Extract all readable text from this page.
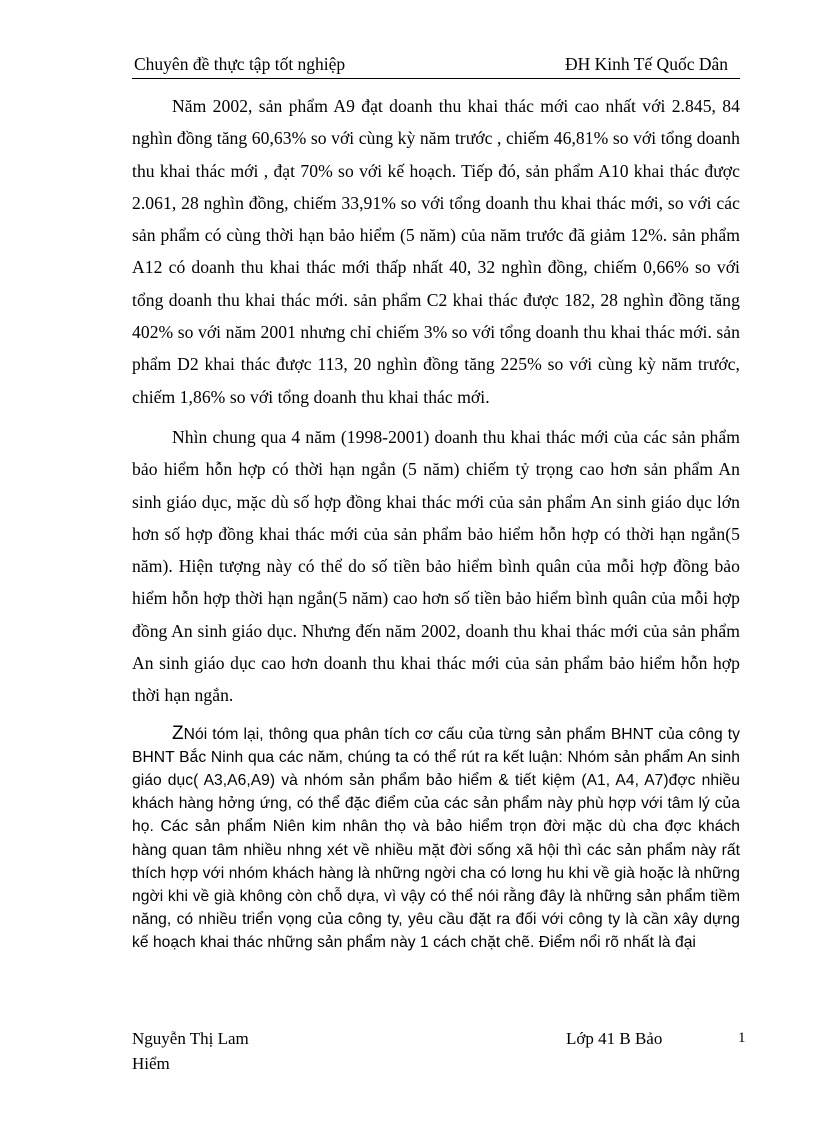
Chuyên đề thực tập tốt nghiệp	ĐH Kinh Tế Quốc Dân

Năm 2002, sản phẩm A9 đạt doanh thu khai thác mới cao nhất với 2.845, 84 nghìn đồng tăng 60,63% so với cùng kỳ năm trước , chiếm 46,81% so với tổng doanh thu khai thác mới , đạt 70% so với kế hoạch. Tiếp đó, sản phẩm A10 khai thác được 2.061, 28 nghìn đồng, chiếm 33,91% so với tổng doanh thu khai thác mới, so với các sản phẩm có cùng thời hạn bảo hiểm (5 năm) của năm trước đã giảm 12%. sản phẩm A12 có doanh thu khai thác mới thấp nhất 40, 32 nghìn đồng, chiếm 0,66% so với tổng doanh thu khai thác mới. sản phẩm C2 khai thác được 182, 28 nghìn đồng tăng 402% so với năm 2001 nhưng chỉ chiếm 3% so với tổng doanh thu khai thác mới. sản phẩm D2 khai thác được 113, 20 nghìn đồng tăng 225% so với cùng kỳ năm trước, chiếm 1,86% so với tổng doanh thu khai thác mới.

Nhìn chung qua 4 năm (1998-2001) doanh thu khai thác mới của các sản phẩm bảo hiểm hỗn hợp có thời hạn ngắn (5 năm) chiếm tỷ trọng cao hơn sản phẩm An sinh giáo dục, mặc dù số hợp đồng khai thác mới của sản phẩm An sinh giáo dục lớn hơn số hợp đồng khai thác mới của sản phẩm bảo hiểm hỗn hợp có thời hạn ngắn(5 năm). Hiện tượng này có thể do số tiền bảo hiểm bình quân của mỗi hợp đồng bảo hiểm hỗn hợp thời hạn ngắn(5 năm) cao hơn số tiền bảo hiểm bình quân của mỗi hợp đồng An sinh giáo dục. Nhưng đến năm 2002, doanh thu khai thác mới của sản phẩm An sinh giáo dục cao hơn doanh thu khai thác mới của sản phẩm bảo hiểm hỗn hợp thời hạn ngắn.

ZNói tóm lại, thông qua phân tích cơ cấu của từng sản phẩm BHNT của công ty BHNT Bắc Ninh qua các năm, chúng ta có thể rút ra kết luận: Nhóm sản phẩm An sinh giáo dục( A3,A6,A9) và nhóm sản phẩm bảo hiểm & tiết kiệm (A1, A4, A7)đợc nhiều khách hàng hởng ứng, có thể đặc điểm của các sản phẩm này phù hợp với tâm lý của họ. Các sản phẩm Niên kim nhân thọ và bảo hiểm trọn đời mặc dù cha đợc khách hàng quan tâm nhiều nhng xét về nhiều mặt đời sống xã hội thì các sản phẩm này rất thích hợp với nhóm khách hàng là những ngời cha có lơng hu khi về già hoặc là những ngời khi về già không còn chỗ dựa, vì vậy có thể nói rằng đây là những sản phẩm tiềm năng, có nhiều triển vọng của công ty, yêu cầu đặt ra đối với công ty là cần xây dựng kế hoạch khai thác những sản phẩm này 1 cách chặt chẽ. Điểm nổi rõ nhất là đại

Nguyễn Thị Lam
Hiểm
Lớp 41 B Bảo	1
